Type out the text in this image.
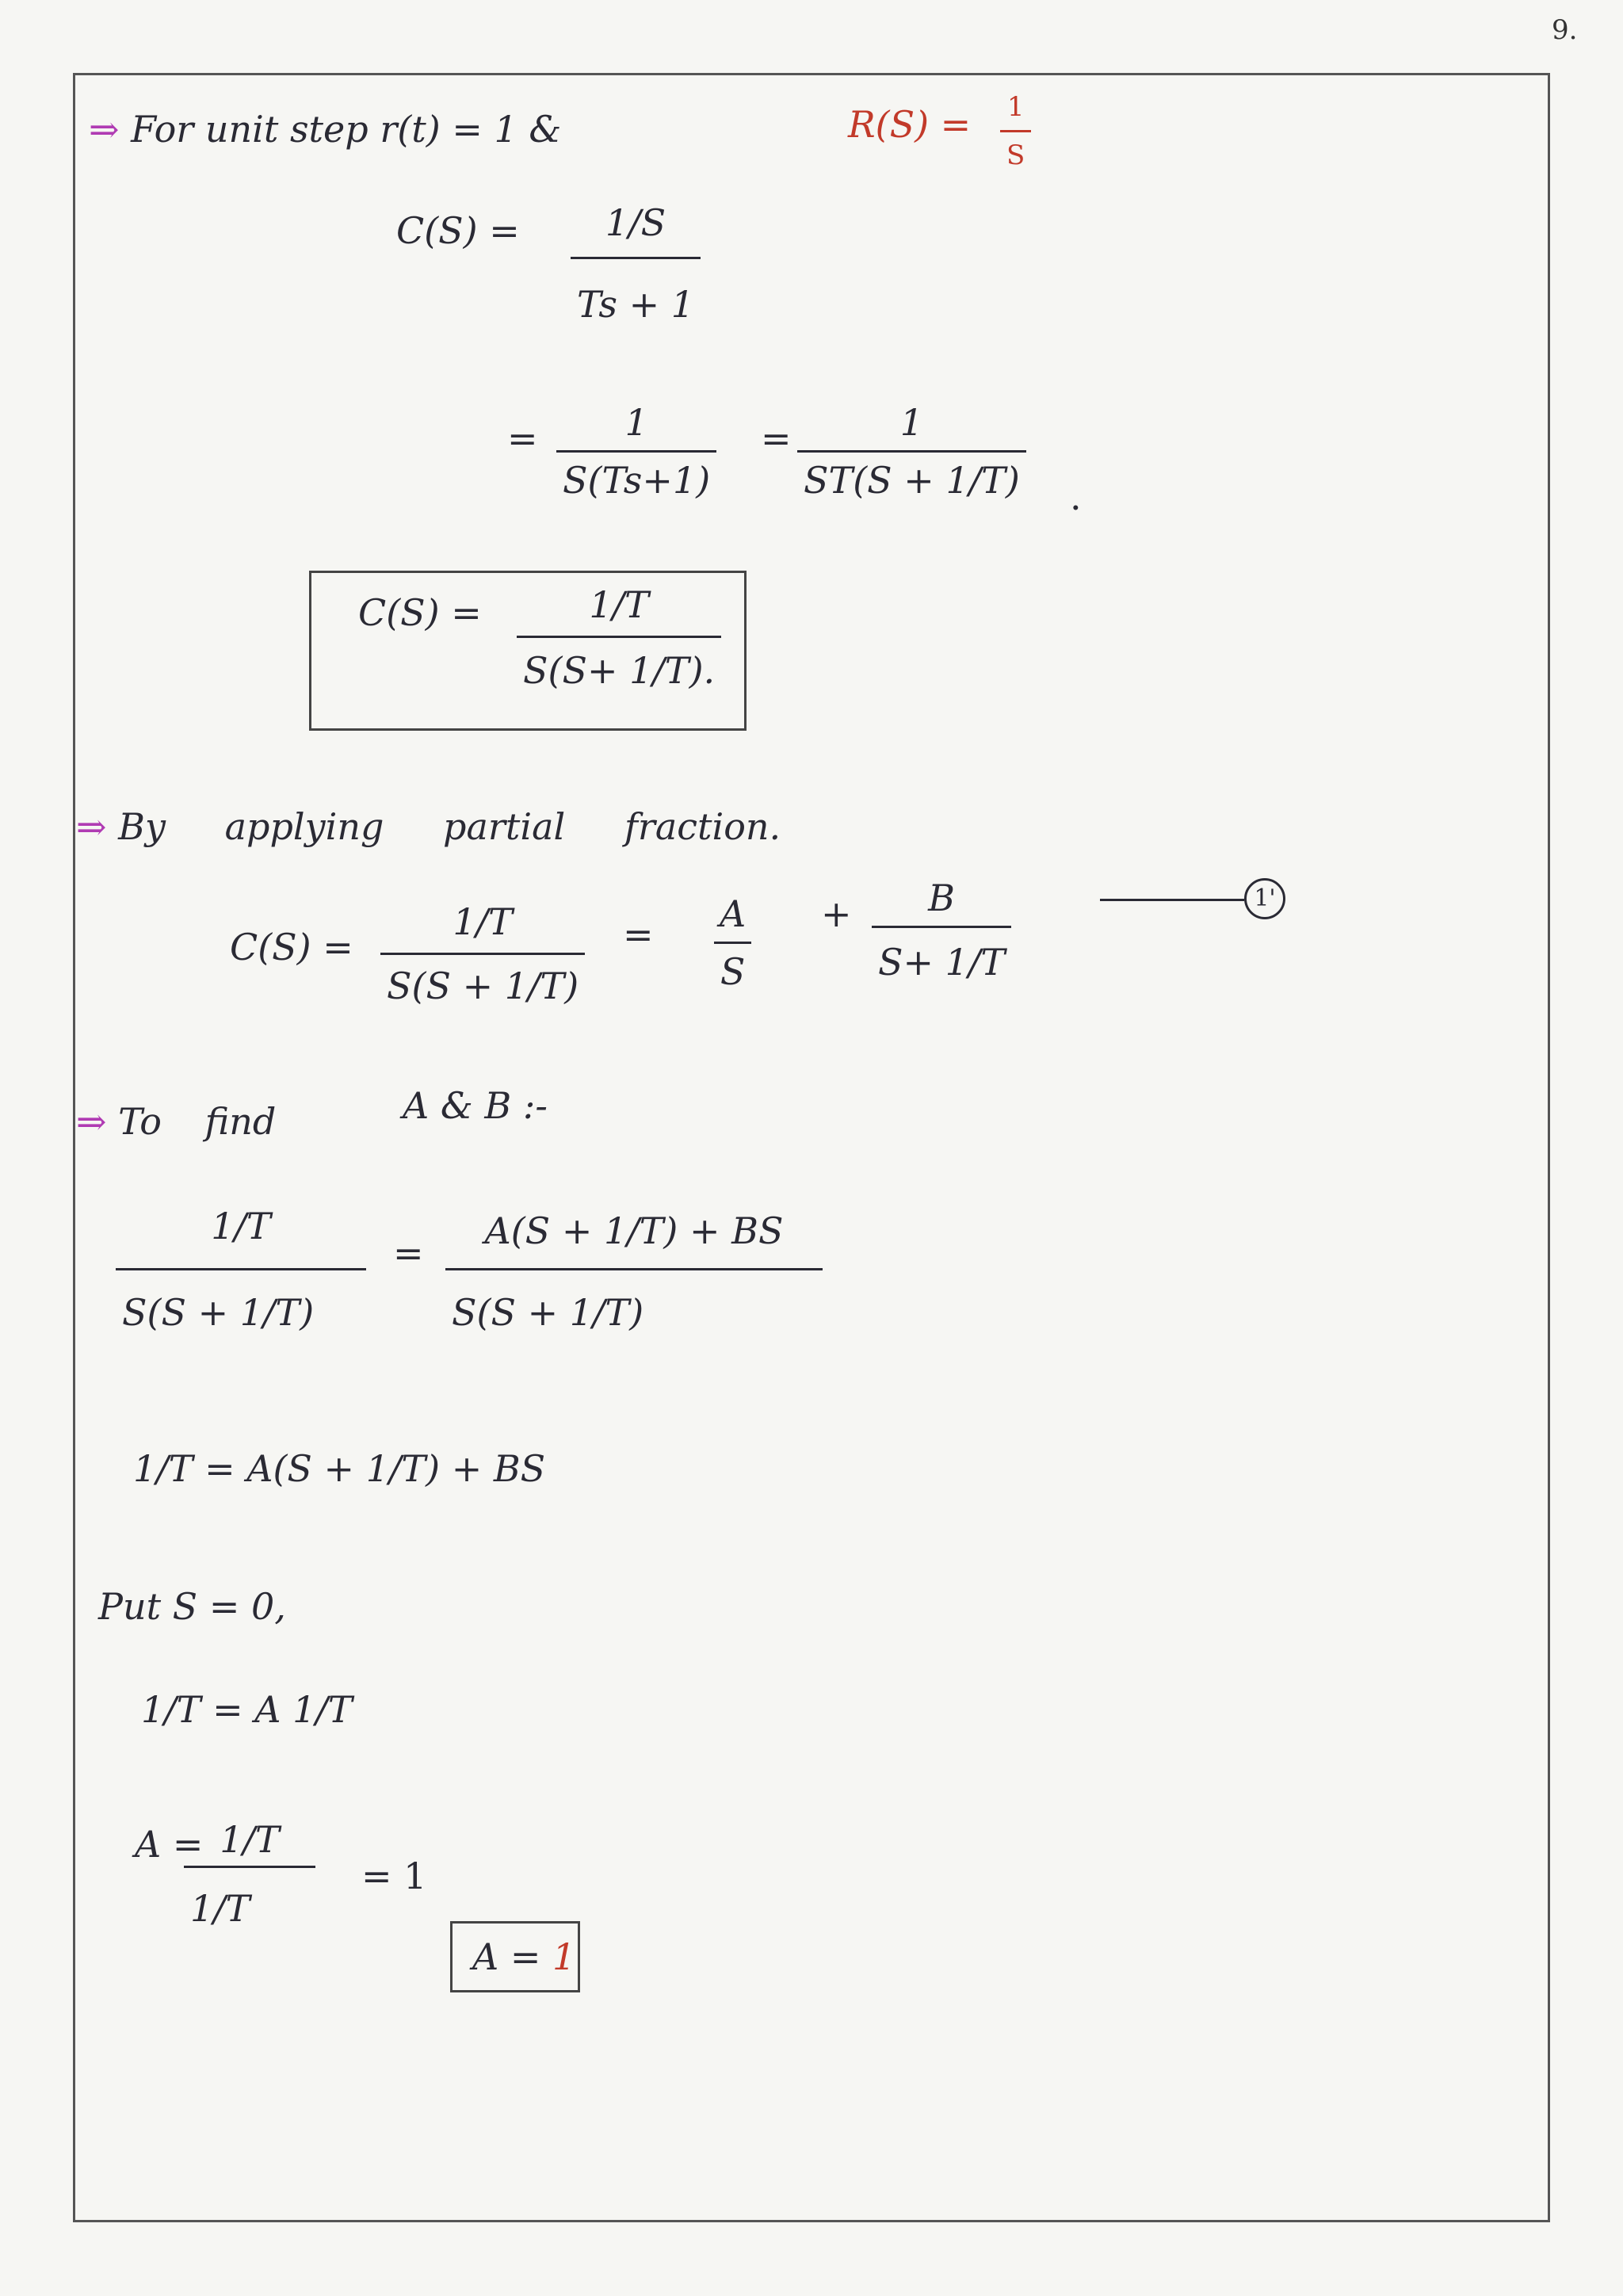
9.
⇒ For unit step r(t) = 1 &	$R(S) = \frac{1}{S}$
$C(S) = \frac{1/S}{Ts + 1}$
= $\frac{1}{S(Ts+1)} = \frac{1}{ST(S + 1/T)}$ .
$C(S) = \frac{1/T}{S(S+ 1/T).}$
⇒ By applying partial fraction.
$C(S) = \frac{1/T}{S(S + 1/T)} = \frac{A}{S} + \frac{B}{S+ 1/T}$	1'
⇒ To find	A & B :-
$\frac{1/T}{S(S + 1/T)} = \frac{A(S + 1/T) + BS}{S(S + 1/T)}$
1/T = A(S + 1/T) + BS
Put S = 0,
1/T = A 1/T
A =
$\frac{1/T}{1/T} = 1$
A = 1
